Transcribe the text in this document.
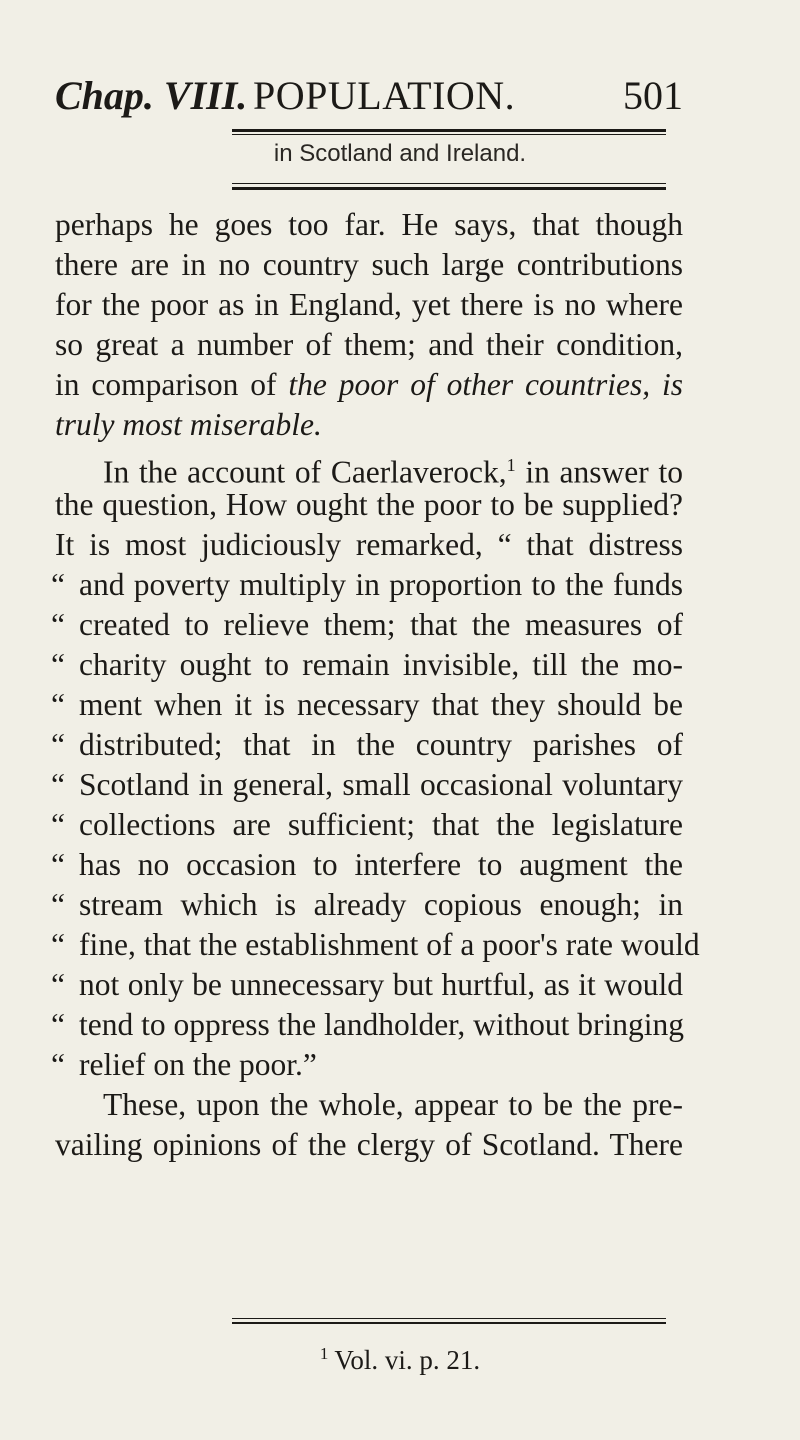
Chap. VIII. POPULATION.	501
in Scotland and Ireland.
perhaps he goes too far. He says, that though
there are in no country such large contributions
for the poor as in England, yet there is no where
so great a number of them; and their condition,
in comparison of the poor of other countries, is
truly most miserable.
In the account of Caerlaverock,$^1$ in answer to
the question, How ought the poor to be supplied?
It is most judiciously remarked, “ that distress
“ and poverty multiply in proportion to the funds
“ created to relieve them; that the measures of
“ charity ought to remain invisible, till the mo-
“ ment when it is necessary that they should be
“ distributed; that in the country parishes of
“ Scotland in general, small occasional voluntary
“ collections are sufficient; that the legislature
“ has no occasion to interfere to augment the
“ stream which is already copious enough; in
“ fine, that the establishment of a poor's rate would
“ not only be unnecessary but hurtful, as it would
“ tend to oppress the landholder, without bringing
“ relief on the poor.”
These, upon the whole, appear to be the pre-
vailing opinions of the clergy of Scotland. There
$^1$ Vol. vi. p. 21.
